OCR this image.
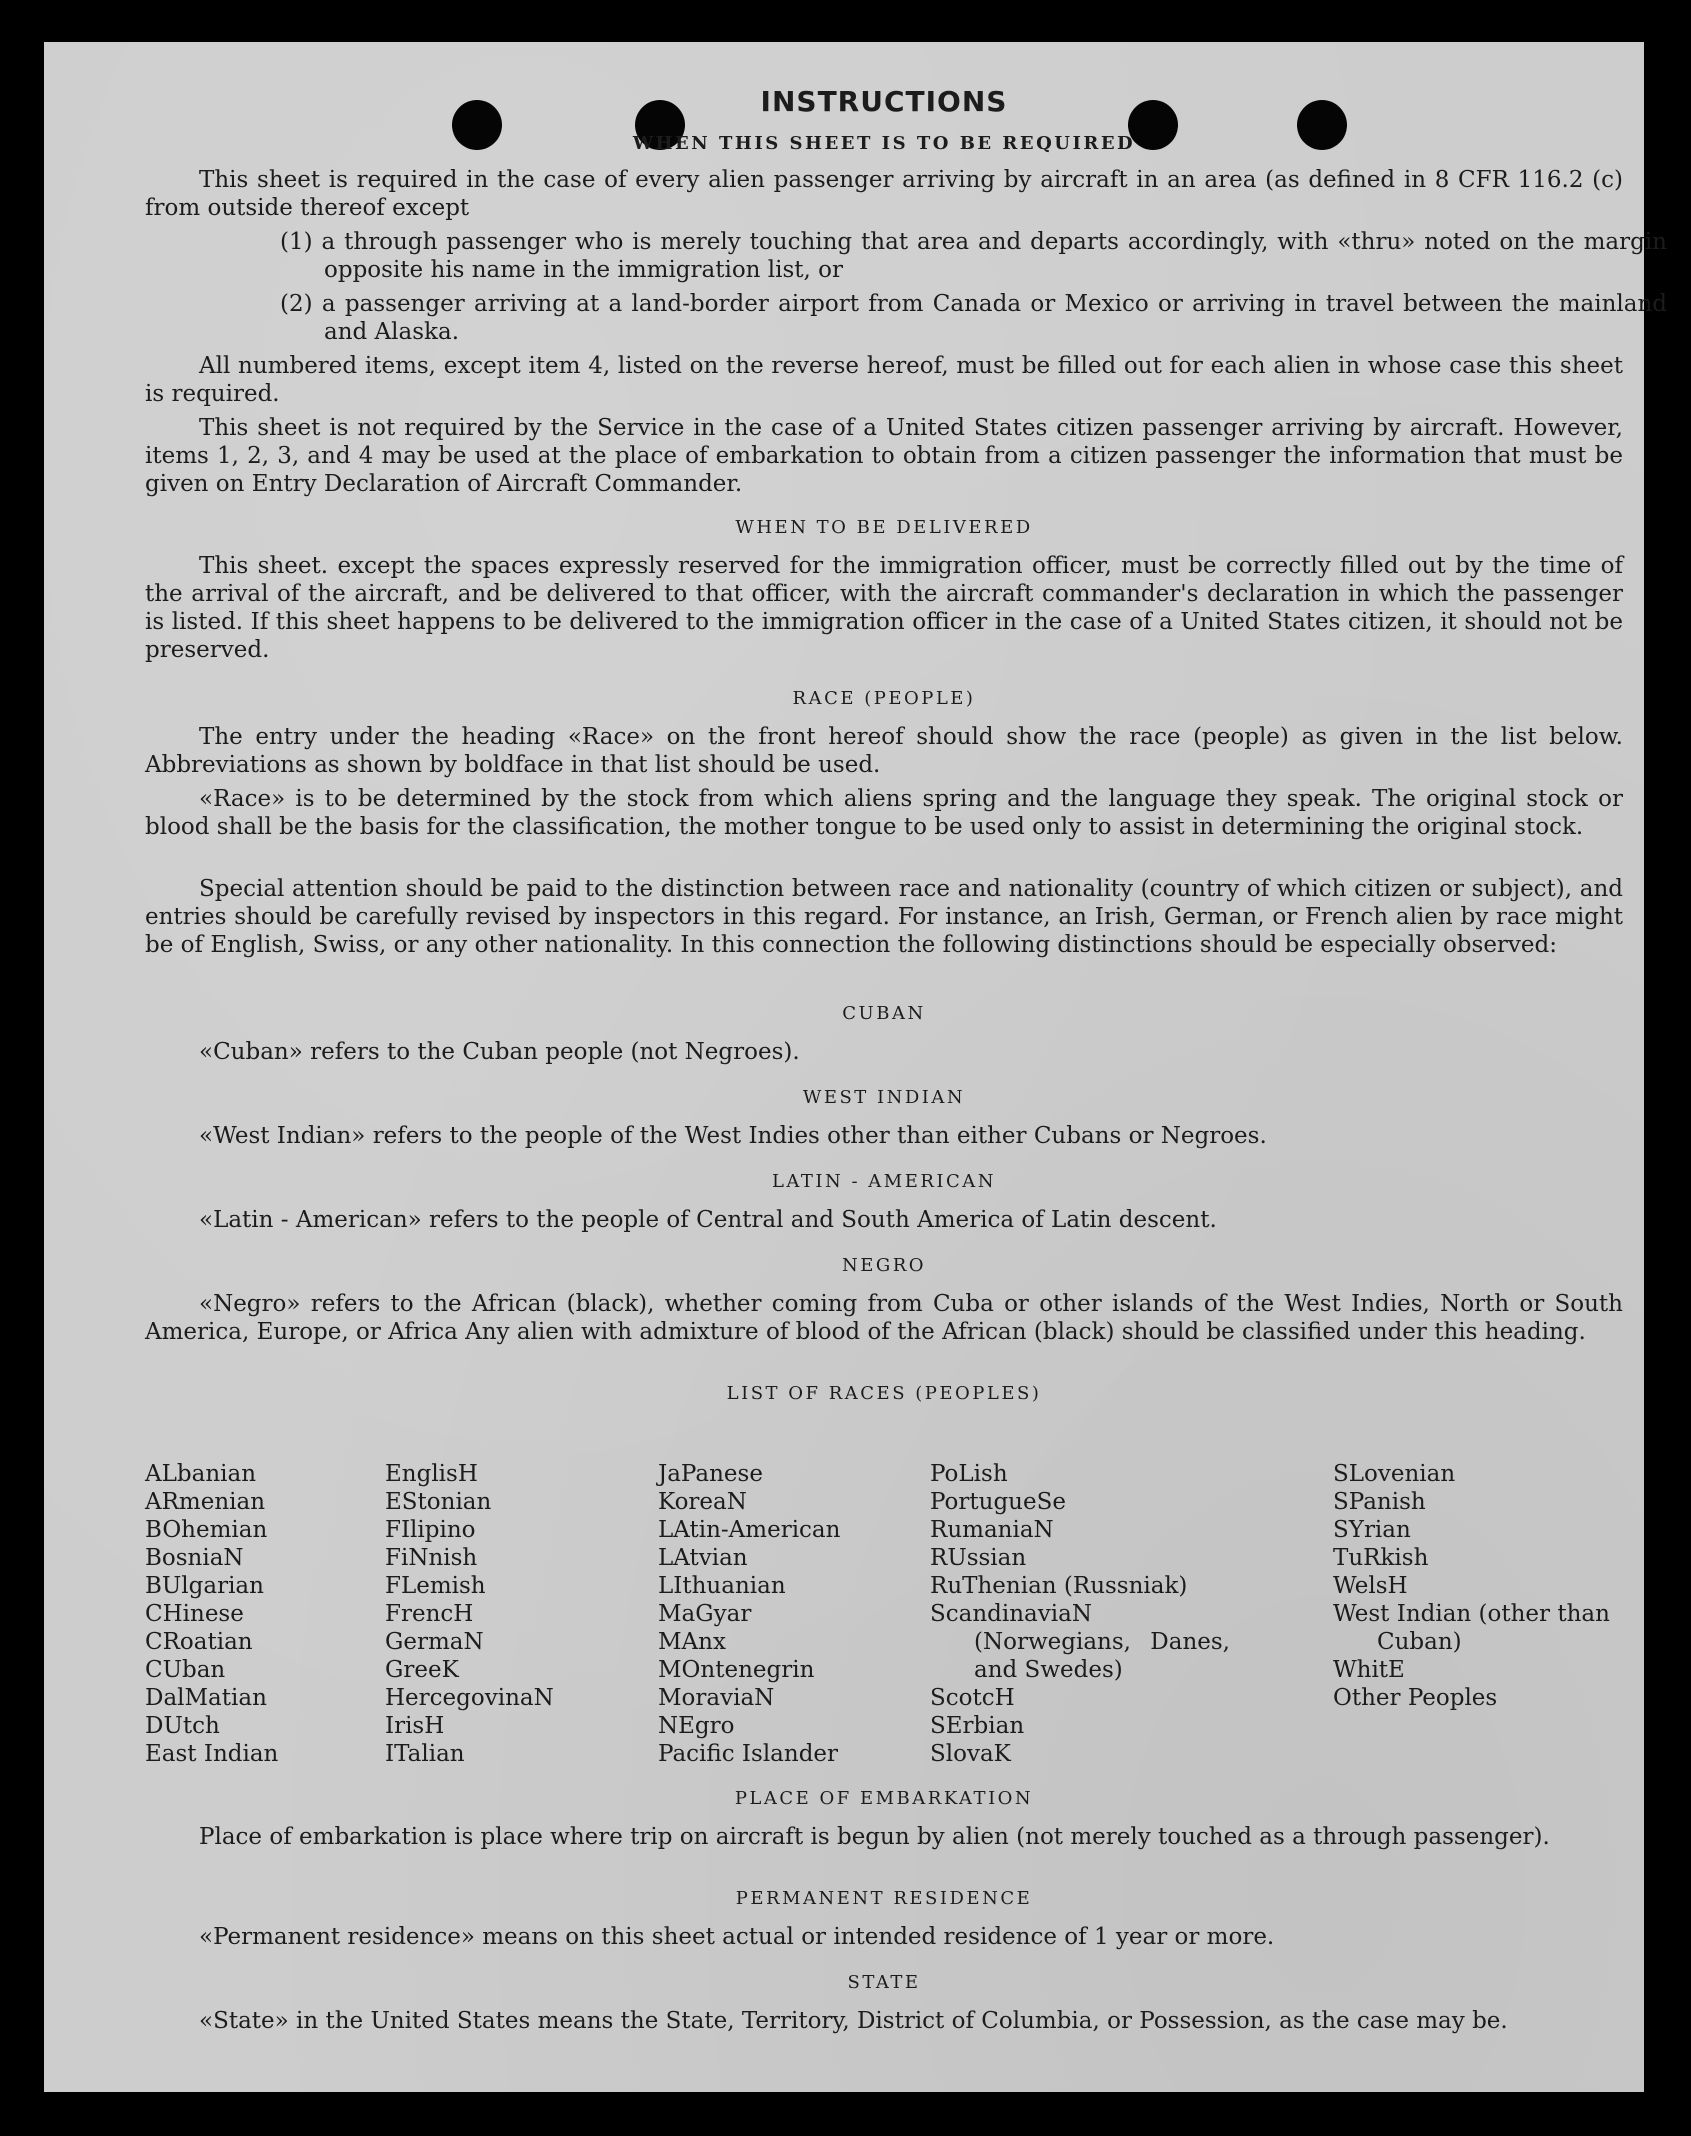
INSTRUCTIONS
WHEN THIS SHEET IS TO BE REQUIRED
This sheet is required in the case of every alien passenger arriving by aircraft in an area (as defined in 8 CFR 116.2 (c) from outside thereof except
(1) a through passenger who is merely touching that area and departs accordingly, with «thru» noted on the margin opposite his name in the immigration list, or
(2) a passenger arriving at a land-border airport from Canada or Mexico or arriving in travel between the mainland and Alaska.
All numbered items, except item 4, listed on the reverse hereof, must be filled out for each alien in whose case this sheet is required.
This sheet is not required by the Service in the case of a United States citizen passenger arriving by aircraft. However, items 1, 2, 3, and 4 may be used at the place of embarkation to obtain from a citizen passenger the information that must be given on Entry Declaration of Aircraft Commander.
WHEN TO BE DELIVERED
This sheet. except the spaces expressly reserved for the immigration officer, must be correctly filled out by the time of the arrival of the aircraft, and be delivered to that officer, with the aircraft commander's declaration in which the passenger is listed. If this sheet happens to be delivered to the immigration officer in the case of a United States citizen, it should not be preserved.
RACE (PEOPLE)
The entry under the heading «Race» on the front hereof should show the race (people) as given in the list below. Abbreviations as shown by boldface in that list should be used.
«Race» is to be determined by the stock from which aliens spring and the language they speak. The original stock or blood shall be the basis for the classification, the mother tongue to be used only to assist in determining the original stock.
Special attention should be paid to the distinction between race and nationality (country of which citizen or subject), and entries should be carefully revised by inspectors in this regard. For instance, an Irish, German, or French alien by race might be of English, Swiss, or any other nationality. In this connection the following distinctions should be especially observed:
CUBAN
«Cuban» refers to the Cuban people (not Negroes).
WEST INDIAN
«West Indian» refers to the people of the West Indies other than either Cubans or Negroes.
LATIN - AMERICAN
«Latin - American» refers to the people of Central and South America of Latin descent.
NEGRO
«Negro» refers to the African (black), whether coming from Cuba or other islands of the West Indies, North or South America, Europe, or Africa Any alien with admixture of blood of the African (black) should be classified under this heading.
LIST OF RACES (PEOPLES)
ALbanian
ARmenian
BOhemian
BosniaN
BUlgarian
CHinese
CRoatian
CUban
DalMatian
DUtch
East Indian
EnglisH
EStonian
FIlipino
FiNnish
FLemish
FrencH
GermaN
GreeK
HercegovinaN
IrisH
ITalian
JaPanese
KoreaN
LAtin-American
LAtvian
LIthuanian
MaGyar
MAnx
MOntenegrin
MoraviaN
NEgro
Pacific Islander
PoLish
PortugueSe
RumaniaN
RUssian
RuThenian (Russniak)
ScandinaviaN (Norwegians, Danes, and Swedes)
ScotcH
SErbian
SlovaK
SLovenian
SPanish
SYrian
TuRkish
WelsH
West Indian (other than Cuban)
WhitE
Other Peoples
PLACE OF EMBARKATION
Place of embarkation is place where trip on aircraft is begun by alien (not merely touched as a through passenger).
PERMANENT RESIDENCE
«Permanent residence» means on this sheet actual or intended residence of 1 year or more.
STATE
«State» in the United States means the State, Territory, District of Columbia, or Possession, as the case may be.
